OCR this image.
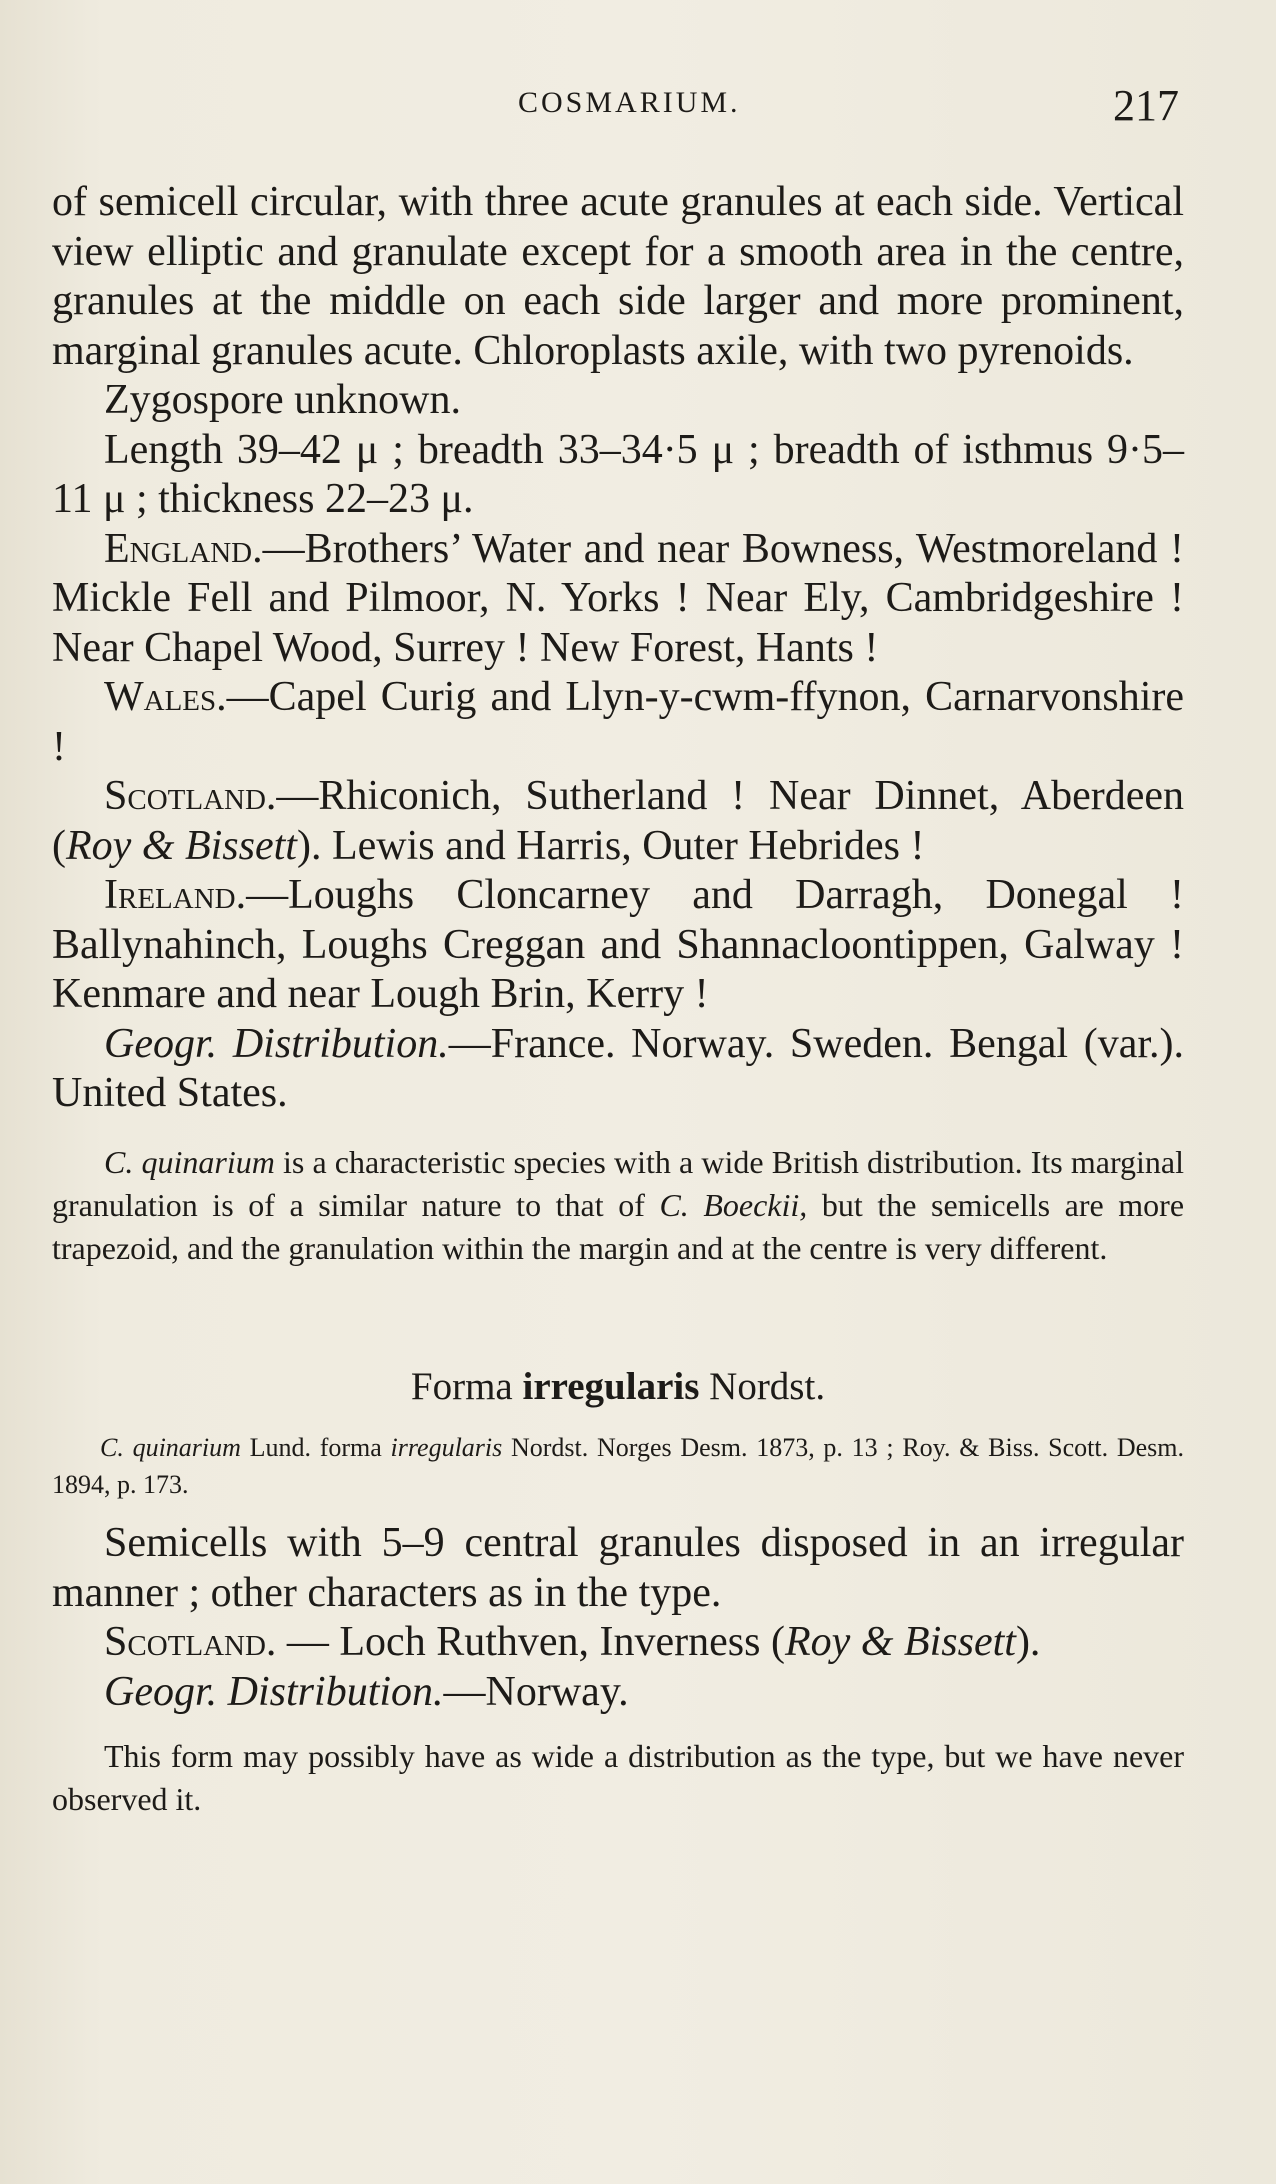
COSMARIUM.	217

of semicell circular, with three acute granules at each side. Vertical view elliptic and granulate except for a smooth area in the centre, granules at the middle on each side larger and more prominent, marginal granules acute. Chloroplasts axile, with two pyrenoids.

Zygospore unknown.

Length 39–42 μ ; breadth 33–34·5 μ ; breadth of isthmus 9·5–11 μ ; thickness 22–23 μ.

England.—Brothers’ Water and near Bowness, Westmoreland ! Mickle Fell and Pilmoor, N. Yorks ! Near Ely, Cambridgeshire ! Near Chapel Wood, Surrey ! New Forest, Hants !

Wales.—Capel Curig and Llyn-y-cwm-ffynon, Carnarvonshire !

Scotland.—Rhiconich, Sutherland ! Near Dinnet, Aberdeen (Roy & Bissett). Lewis and Harris, Outer Hebrides !

Ireland.—Loughs Cloncarney and Darragh, Donegal ! Ballynahinch, Loughs Creggan and Shannacloontippen, Galway ! Kenmare and near Lough Brin, Kerry !

Geogr. Distribution.—France. Norway. Sweden. Bengal (var.). United States.

C. quinarium is a characteristic species with a wide British distribution. Its marginal granulation is of a similar nature to that of C. Boeckii, but the semicells are more trapezoid, and the granulation within the margin and at the centre is very different.

Forma irregularis Nordst.

C. quinarium Lund. forma irregularis Nordst. Norges Desm. 1873, p. 13 ; Roy. & Biss. Scott. Desm. 1894, p. 173.

Semicells with 5–9 central granules disposed in an irregular manner ; other characters as in the type.

Scotland. — Loch Ruthven, Inverness (Roy & Bissett).

Geogr. Distribution.—Norway.

This form may possibly have as wide a distribution as the type, but we have never observed it.
